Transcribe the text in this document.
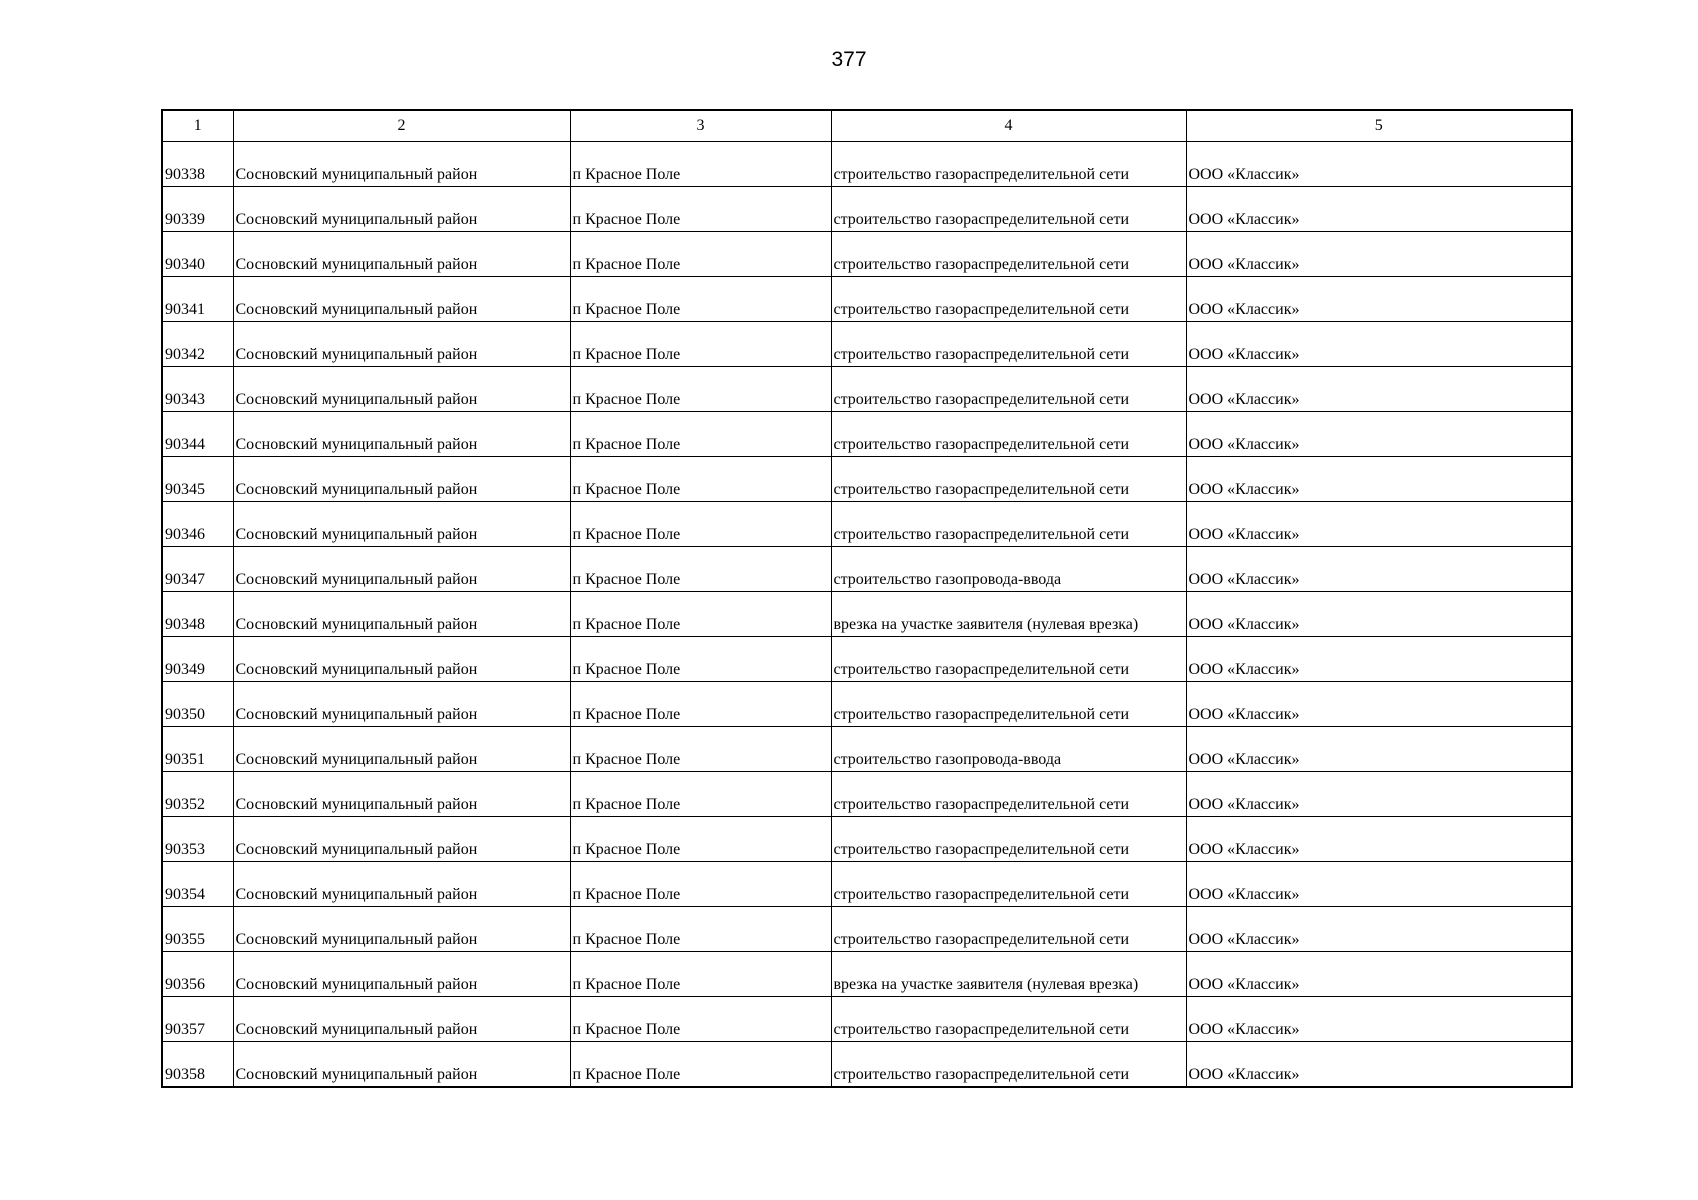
377
1	2	3	4	5
90338	Сосновский муниципальный район	п Красное Поле	строительство газораспределительной сети	ООО «Классик»
90339	Сосновский муниципальный район	п Красное Поле	строительство газораспределительной сети	ООО «Классик»
90340	Сосновский муниципальный район	п Красное Поле	строительство газораспределительной сети	ООО «Классик»
90341	Сосновский муниципальный район	п Красное Поле	строительство газораспределительной сети	ООО «Классик»
90342	Сосновский муниципальный район	п Красное Поле	строительство газораспределительной сети	ООО «Классик»
90343	Сосновский муниципальный район	п Красное Поле	строительство газораспределительной сети	ООО «Классик»
90344	Сосновский муниципальный район	п Красное Поле	строительство газораспределительной сети	ООО «Классик»
90345	Сосновский муниципальный район	п Красное Поле	строительство газораспределительной сети	ООО «Классик»
90346	Сосновский муниципальный район	п Красное Поле	строительство газораспределительной сети	ООО «Классик»
90347	Сосновский муниципальный район	п Красное Поле	строительство газопровода-ввода	ООО «Классик»
90348	Сосновский муниципальный район	п Красное Поле	врезка на участке заявителя (нулевая врезка)	ООО «Классик»
90349	Сосновский муниципальный район	п Красное Поле	строительство газораспределительной сети	ООО «Классик»
90350	Сосновский муниципальный район	п Красное Поле	строительство газораспределительной сети	ООО «Классик»
90351	Сосновский муниципальный район	п Красное Поле	строительство газопровода-ввода	ООО «Классик»
90352	Сосновский муниципальный район	п Красное Поле	строительство газораспределительной сети	ООО «Классик»
90353	Сосновский муниципальный район	п Красное Поле	строительство газораспределительной сети	ООО «Классик»
90354	Сосновский муниципальный район	п Красное Поле	строительство газораспределительной сети	ООО «Классик»
90355	Сосновский муниципальный район	п Красное Поле	строительство газораспределительной сети	ООО «Классик»
90356	Сосновский муниципальный район	п Красное Поле	врезка на участке заявителя (нулевая врезка)	ООО «Классик»
90357	Сосновский муниципальный район	п Красное Поле	строительство газораспределительной сети	ООО «Классик»
90358	Сосновский муниципальный район	п Красное Поле	строительство газораспределительной сети	ООО «Классик»
